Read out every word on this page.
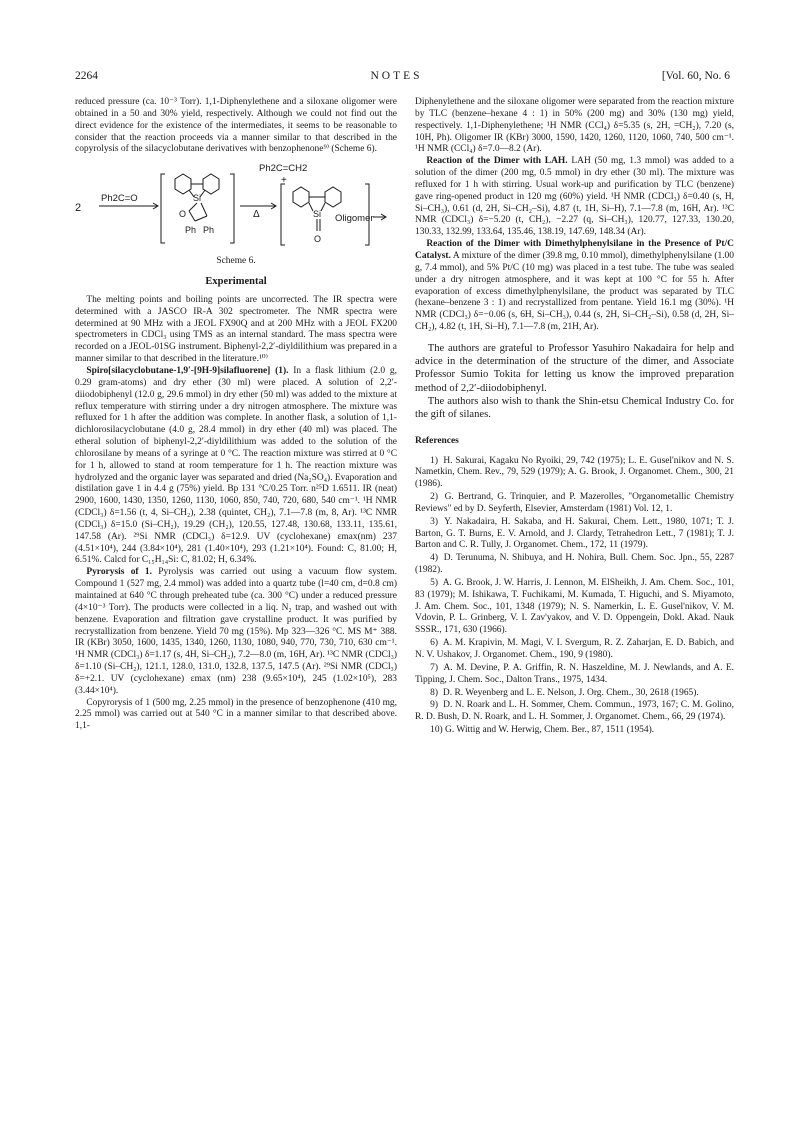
2264	NOTES	[Vol. 60, No. 6

reduced pressure (ca. 10⁻³ Torr). 1,1-Diphenylethene and a siloxane oligomer were obtained in a 50 and 30% yield, respectively. Although we could not find out the direct evidence for the existence of the intermediates, it seems to be reasonable to consider that the reaction proceeds via a manner similar to that described in the copyrolysis of the silacyclobutane derivatives with benzophenone⁹⁾ (Scheme 6).

2
Ph2C=O	Si
O
Ph Ph
Δ
Ph2C=CH2
+
Si
O
Oligomer

Scheme 6.

Experimental

The melting points and boiling points are uncorrected. The IR spectra were determined with a JASCO IR-A 302 spectrometer. The NMR spectra were determined at 90 MHz with a JEOL FX90Q and at 200 MHz with a JEOL FX200 spectrometers in CDCl₃ using TMS as an internal standard. The mass spectra were recorded on a JEOL-01SG instrument. Biphenyl-2,2′-diyldilithium was prepared in a manner similar to that described in the literature.¹⁰⁾

Spiro[silacyclobutane-1,9′-[9H-9]silafluorene] (1). In a flask lithium (2.0 g, 0.29 gram-atoms) and dry ether (30 ml) were placed. A solution of 2,2′-diiodobiphenyl (12.0 g, 29.6 mmol) in dry ether (50 ml) was added to the mixture at reflux temperature with stirring under a dry nitrogen atmosphere. The mixture was refluxed for 1 h after the addition was complete. In another flask, a solution of 1,1-dichlorosilacyclobutane (4.0 g, 28.4 mmol) in dry ether (40 ml) was placed. The etheral solution of biphenyl-2,2′-diyldilithium was added to the solution of the chlorosilane by means of a syringe at 0 °C. The reaction mixture was stirred at 0 °C for 1 h, allowed to stand at room temperature for 1 h. The reaction mixture was hydrolyzed and the organic layer was separated and dried (Na₂SO₄). Evaporation and distilation gave 1 in 4.4 g (75%) yield. Bp 131 °C/0.25 Torr. n²⁵D 1.6511. IR (neat) 2900, 1600, 1430, 1350, 1260, 1130, 1060, 850, 740, 720, 680, 540 cm⁻¹. ¹H NMR (CDCl₃) δ=1.56 (t, 4, Si–CH₂), 2.38 (quintet, CH₂), 7.1—7.8 (m, 8, Ar). ¹³C NMR (CDCl₃) δ=15.0 (Si–CH₂), 19.29 (CH₂), 120.55, 127.48, 130.68, 133.11, 135.61, 147.58 (Ar). ²⁹Si NMR (CDCl₃) δ=12.9. UV (cyclohexane) εmax(nm) 237 (4.51×10⁴), 244 (3.84×10⁴), 281 (1.40×10⁴), 293 (1.21×10⁴). Found: C, 81.00; H, 6.51%. Calcd for C₁₅H₁₄Si: C, 81.02; H, 6.34%.

Pyrorysis of 1. Pyrolysis was carried out using a vacuum flow system. Compound 1 (527 mg, 2.4 mmol) was added into a quartz tube (l=40 cm, d=0.8 cm) maintained at 640 °C through preheated tube (ca. 300 °C) under a reduced pressure (4×10⁻³ Torr). The products were collected in a liq. N₂ trap, and washed out with benzene. Evaporation and filtration gave crystalline product. It was purified by recrystallization from benzene. Yield 70 mg (15%). Mp 323—326 °C. MS M⁺ 388. IR (KBr) 3050, 1600, 1435, 1340, 1260, 1130, 1080, 940, 770, 730, 710, 630 cm⁻¹. ¹H NMR (CDCl₃) δ=1.17 (s, 4H, Si–CH₂), 7.2—8.0 (m, 16H, Ar). ¹³C NMR (CDCl₃) δ=1.10 (Si–CH₂), 121.1, 128.0, 131.0, 132.8, 137.5, 147.5 (Ar). ²⁹Si NMR (CDCl₃) δ=+2.1. UV (cyclohexane) εmax (nm) 238 (9.65×10⁴), 245 (1.02×10⁵), 283 (3.44×10⁴).

Copyrorysis of 1 (500 mg, 2.25 mmol) in the presence of benzophenone (410 mg, 2.25 mmol) was carried out at 540 °C in a manner similar to that described above. 1,1-

Diphenylethene and the siloxane oligomer were separated from the reaction mixture by TLC (benzene–hexane 4 : 1) in 50% (200 mg) and 30% (130 mg) yield, respectively. 1,1-Diphenylethene; ¹H NMR (CCl₄) δ=5.35 (s, 2H, =CH₂), 7.20 (s, 10H, Ph). Oligomer IR (KBr) 3000, 1590, 1420, 1260, 1120, 1060, 740, 500 cm⁻¹. ¹H NMR (CCl₄) δ=7.0—8.2 (Ar).

Reaction of the Dimer with LAH. LAH (50 mg, 1.3 mmol) was added to a solution of the dimer (200 mg, 0.5 mmol) in dry ether (30 ml). The mixture was refluxed for 1 h with stirring. Usual work-up and purification by TLC (benzene) gave ring-opened product in 120 mg (60%) yield. ¹H NMR (CDCl₃) δ=0.40 (s, H, Si–CH₃), 0.61 (d, 2H, Si–CH₂–Si), 4.87 (t, 1H, Si–H), 7.1—7.8 (m, 16H, Ar). ¹³C NMR (CDCl₃) δ=−5.20 (t, CH₂), −2.27 (q, Si–CH₃), 120.77, 127.33, 130.20, 130.33, 132.99, 133.64, 135.46, 138.19, 147.69, 148.34 (Ar).

Reaction of the Dimer with Dimethylphenylsilane in the Presence of Pt/C Catalyst. A mixture of the dimer (39.8 mg, 0.10 mmol), dimethylphenylsilane (1.00 g, 7.4 mmol), and 5% Pt/C (10 mg) was placed in a test tube. The tube was sealed under a dry nitrogen atmosphere, and it was kept at 100 °C for 55 h. After evaporation of excess dimethylphenylsilane, the product was separated by TLC (hexane–benzene 3 : 1) and recrystallized from pentane. Yield 16.1 mg (30%). ¹H NMR (CDCl₃) δ=−0.06 (s, 6H, Si–CH₃), 0.44 (s, 2H, Si–CH₂–Si), 0.58 (d, 2H, Si–CH₂), 4.82 (t, 1H, Si–H), 7.1—7.8 (m, 21H, Ar).

The authors are grateful to Professor Yasuhiro Nakadaira for help and advice in the determination of the structure of the dimer, and Associate Professor Sumio Tokita for letting us know the improved preparation method of 2,2′-diiodobiphenyl.

The authors also wish to thank the Shin-etsu Chemical Industry Co. for the gift of silanes.

References

1) H. Sakurai, Kagaku No Ryoiki, 29, 742 (1975); L. E. Gusel'nikov and N. S. Nametkin, Chem. Rev., 79, 529 (1979); A. G. Brook, J. Organomet. Chem., 300, 21 (1986).

2) G. Bertrand, G. Trinquier, and P. Mazerolles, "Organometallic Chemistry Reviews" ed by D. Seyferth, Elsevier, Amsterdam (1981) Vol. 12, 1.

3) Y. Nakadaira, H. Sakaba, and H. Sakurai, Chem. Lett., 1980, 1071; T. J. Barton, G. T. Burns, E. V. Arnold, and J. Clardy, Tetrahedron Lett., 7 (1981); T. J. Barton and C. R. Tully, J. Organomet. Chem., 172, 11 (1979).

4) D. Terunuma, N. Shibuya, and H. Nohira, Bull. Chem. Soc. Jpn., 55, 2287 (1982).

5) A. G. Brook, J. W. Harris, J. Lennon, M. ElSheikh, J. Am. Chem. Soc., 101, 83 (1979); M. Ishikawa, T. Fuchikami, M. Kumada, T. Higuchi, and S. Miyamoto, J. Am. Chem. Soc., 101, 1348 (1979); N. S. Namerkin, L. E. Gusel'nikov, V. M. Vdovin, P. L. Grinberg, V. I. Zav'yakov, and V. D. Oppengein, Dokl. Akad. Nauk SSSR., 171, 630 (1966).

6) A. M. Krapivin, M. Magi, V. I. Svergum, R. Z. Zaharjan, E. D. Babich, and N. V. Ushakov, J. Organomet. Chem., 190, 9 (1980).

7) A. M. Devine, P. A. Griffin, R. N. Haszeldine, M. J. Newlands, and A. E. Tipping, J. Chem. Soc., Dalton Trans., 1975, 1434.

8) D. R. Weyenberg and L. E. Nelson, J. Org. Chem., 30, 2618 (1965).

9) D. N. Roark and L. H. Sommer, Chem. Commun., 1973, 167; C. M. Golino, R. D. Bush, D. N. Roark, and L. H. Sommer, J. Organomet. Chem., 66, 29 (1974).

10) G. Wittig and W. Herwig, Chem. Ber., 87, 1511 (1954).
